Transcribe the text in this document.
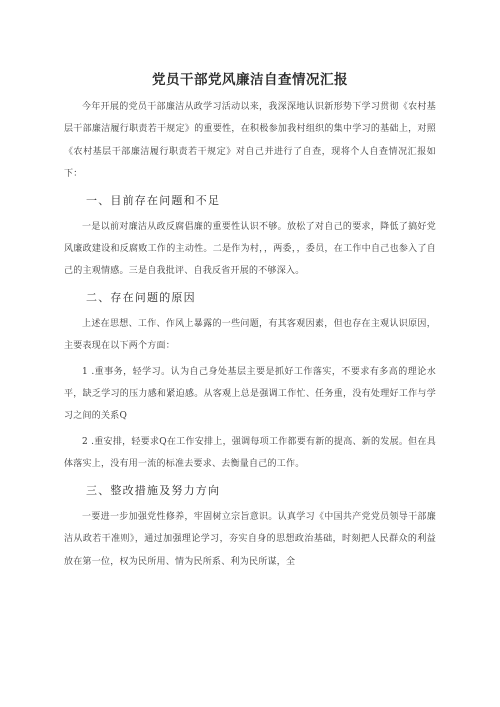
党员干部党风廉洁自查情况汇报

今年开展的党员干部廉洁从政学习活动以来，我深深地认识新形势下学习贯彻《农村基层干部廉洁履行职责若干规定》的重要性，在积极参加我村组织的集中学习的基础上，对照《农村基层干部廉洁履行职责若干规定》对自己并进行了自查，现将个人自查情况汇报如下：

一、目前存在问题和不足

一是以前对廉洁从政反腐倡廉的重要性认识不够。放松了对自己的要求，降低了搞好党风廉政建设和反腐败工作的主动性。二是作为村，，两委，，委员，在工作中自己也参入了自己的主观情感。三是自我批评、自我反省开展的不够深入。

二、存在问题的原因

上述在思想、工作、作风上暴露的一些问题，有其客观因素，但也存在主观认识原因，主要表现在以下两个方面：

1 .重事务，轻学习。认为自己身处基层主要是抓好工作落实，不要求有多高的理论水平，缺乏学习的压力感和紧迫感。从客观上总是强调工作忙、任务重，没有处理好工作与学习之间的关系Q

2 .重安排，轻要求Q在工作安排上，强调每项工作都要有新的提高、新的发展。但在具体落实上，没有用一流的标准去要求、去衡量自己的工作。

三、整改措施及努力方向

一要进一步加强党性修养，牢固树立宗旨意识。认真学习《中国共产党党员领导干部廉洁从政若干准则》，通过加强理论学习，夯实自身的思想政治基础，时刻把人民群众的利益放在第一位，权为民所用、情为民所系、利为民所谋，全
